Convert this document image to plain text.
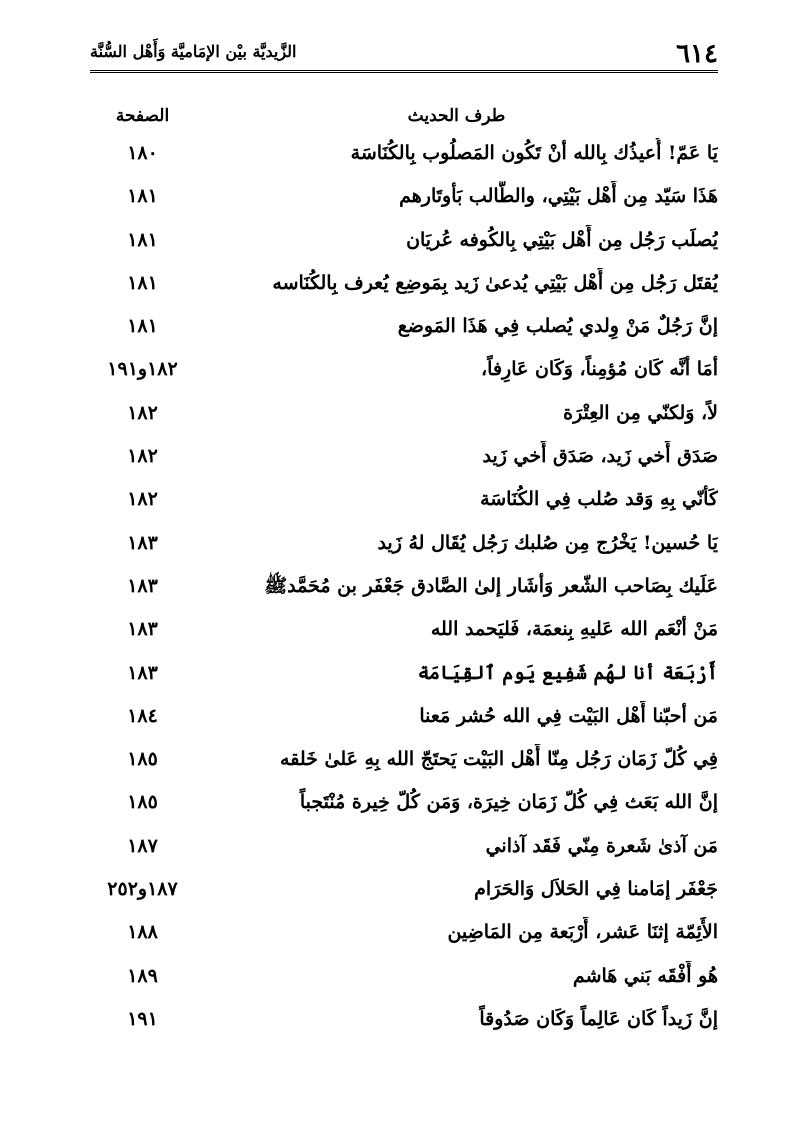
٦١٤
الزَّيديَّة بيْن الإمَاميَّة وَأَهْل السُّنَّة
طرف الحديث
الصفحة
يَا عَمّ! أُعيذُك بِالله أنْ تَكُون المَصلُوب بِالكُنَاسَة
١٨٠
هَذَا سَيّد مِن أَهْل بَيْتِي، والطَّالب بَأوتَارهم
١٨١
يُصلَب رَجُل مِن أَهْل بَيْتِي بِالكُوفه عُريَان
١٨١
يُقتَل رَجُل مِن أَهْل بَيْتِي يُدعىٰ زَيد بِمَوضِع يُعرف بِالكُنَاسه
١٨١
إنَّ رَجُلٌ مَنْ وِلدي يُصلب فِي هَذَا المَوضع
١٨١
أمَا أنَّه كَان مُؤمِناً، وَكَان عَارِفاً،
١٨٢و١٩١
لاً، وَلكنّي مِن العِتْرَة
١٨٢
صَدَق أَخي زَيد، صَدَق أَخي زَيد
١٨٢
كَأنّي بِهِ وَقد صُلب فِي الكُنَاسَة
١٨٢
يَا حُسين! يَخْرُج مِن صُلبك رَجُل يُقَال لهُ زَيد
١٨٣
عَلَيك بِصَاحب الشّعر وَأشَار إلىٰ الصَّادق جَعْفَر بن مُحَمَّدﷺ
١٨٣
مَنْ أنْعَم الله عَليهِ بِنعمَة، فَليَحمد الله
١٨٣
أَرْبَعَة أنا لهُم شَفِيع يَوم ٱلقِيَامَة
١٨٣
مَن أحبّنا أَهْل البَيْت فِي الله حُشر مَعنا
١٨٤
فِي كُلّ زَمَان رَجُل مِنّا أَهْل البَيْت يَحتَجّ الله بِهِ عَلىٰ خَلقه
١٨٥
إنَّ الله بَعَث فِي كُلّ زَمَان خِيرَة، وَمَن كُلّ خِيرة مُنْتَجباً
١٨٥
مَن آذىٰ شَعرة مِنّي فَقَد آذاني
١٨٧
جَعْفَر إمَامنا فِي الحَلاَل وَالحَرَام
١٨٧و٢٥٢
الأَئِمّة إثنَا عَشر، أَرْبَعة مِن المَاضِين
١٨٨
هُو أَفْقَه بَني هَاشم
١٨٩
إنَّ زَيداً كَان عَالِماً وَكَان صَدُوقاً
١٩١
